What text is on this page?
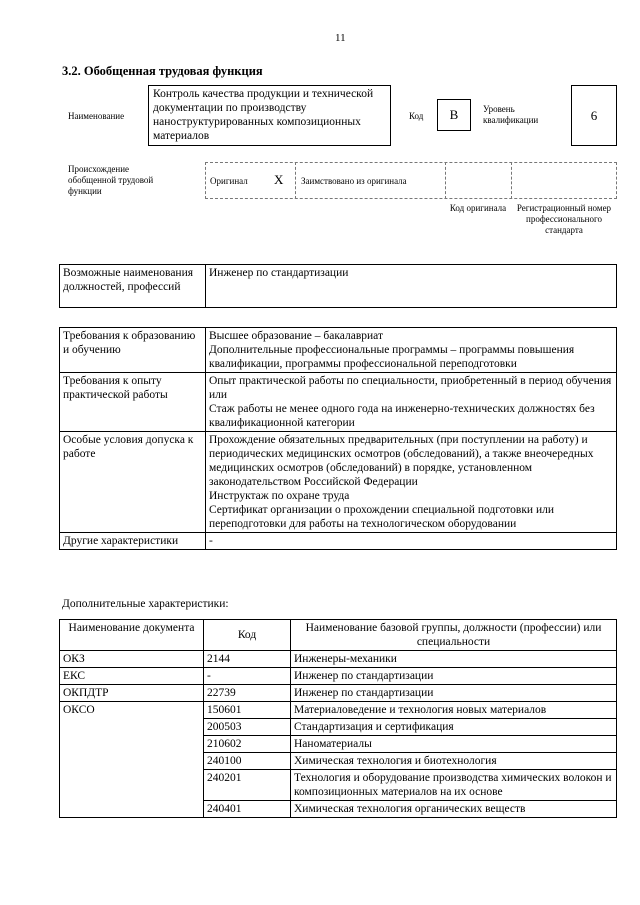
11
3.2. Обобщенная трудовая функция
Наименование
Контроль качества продукции и технической документации по производству наноструктурированных композиционных материалов
Код	B	Уровень квалификации	6
Происхождение обобщенной трудовой функции
Оригинал X Заимствовано из оригинала
Код оригинала	Регистрационный номер профессионального стандарта
Возможные наименования должностей, профессий	Инженер по стандартизации
Требования к образованию и обучению	Высшее образование – бакалавриат
Дополнительные профессиональные программы – программы повышения квалификации, программы профессиональной переподготовки

Требования к опыту практической работы	Опыт практической работы по специальности, приобретенный в период обучения
или
Стаж работы не менее одного года на инженерно-технических должностях без квалификационной категории

Особые условия допуска к работе	Прохождение обязательных предварительных (при поступлении на работу) и периодических медицинских осмотров (обследований), а также внеочередных медицинских осмотров (обследований) в порядке, установленном законодательством Российской Федерации
Инструктаж по охране труда
Сертификат организации о прохождении специальной подготовки или переподготовки для работы на технологическом оборудовании

Другие характеристики	-
Дополнительные характеристики:
Наименование документа	Код	Наименование базовой группы, должности (профессии) или специальности
ОКЗ	2144	Инженеры-механики
ЕКС	-	Инженер по стандартизации
ОКПДТР	22739	Инженер по стандартизации
ОКСО	150601	Материаловедение и технология новых материалов
	200503	Стандартизация и сертификация
	210602	Наноматериалы
	240100	Химическая технология и биотехнология
	240201	Технология и оборудование производства химических волокон и композиционных материалов на их основе
	240401	Химическая технология органических веществ
